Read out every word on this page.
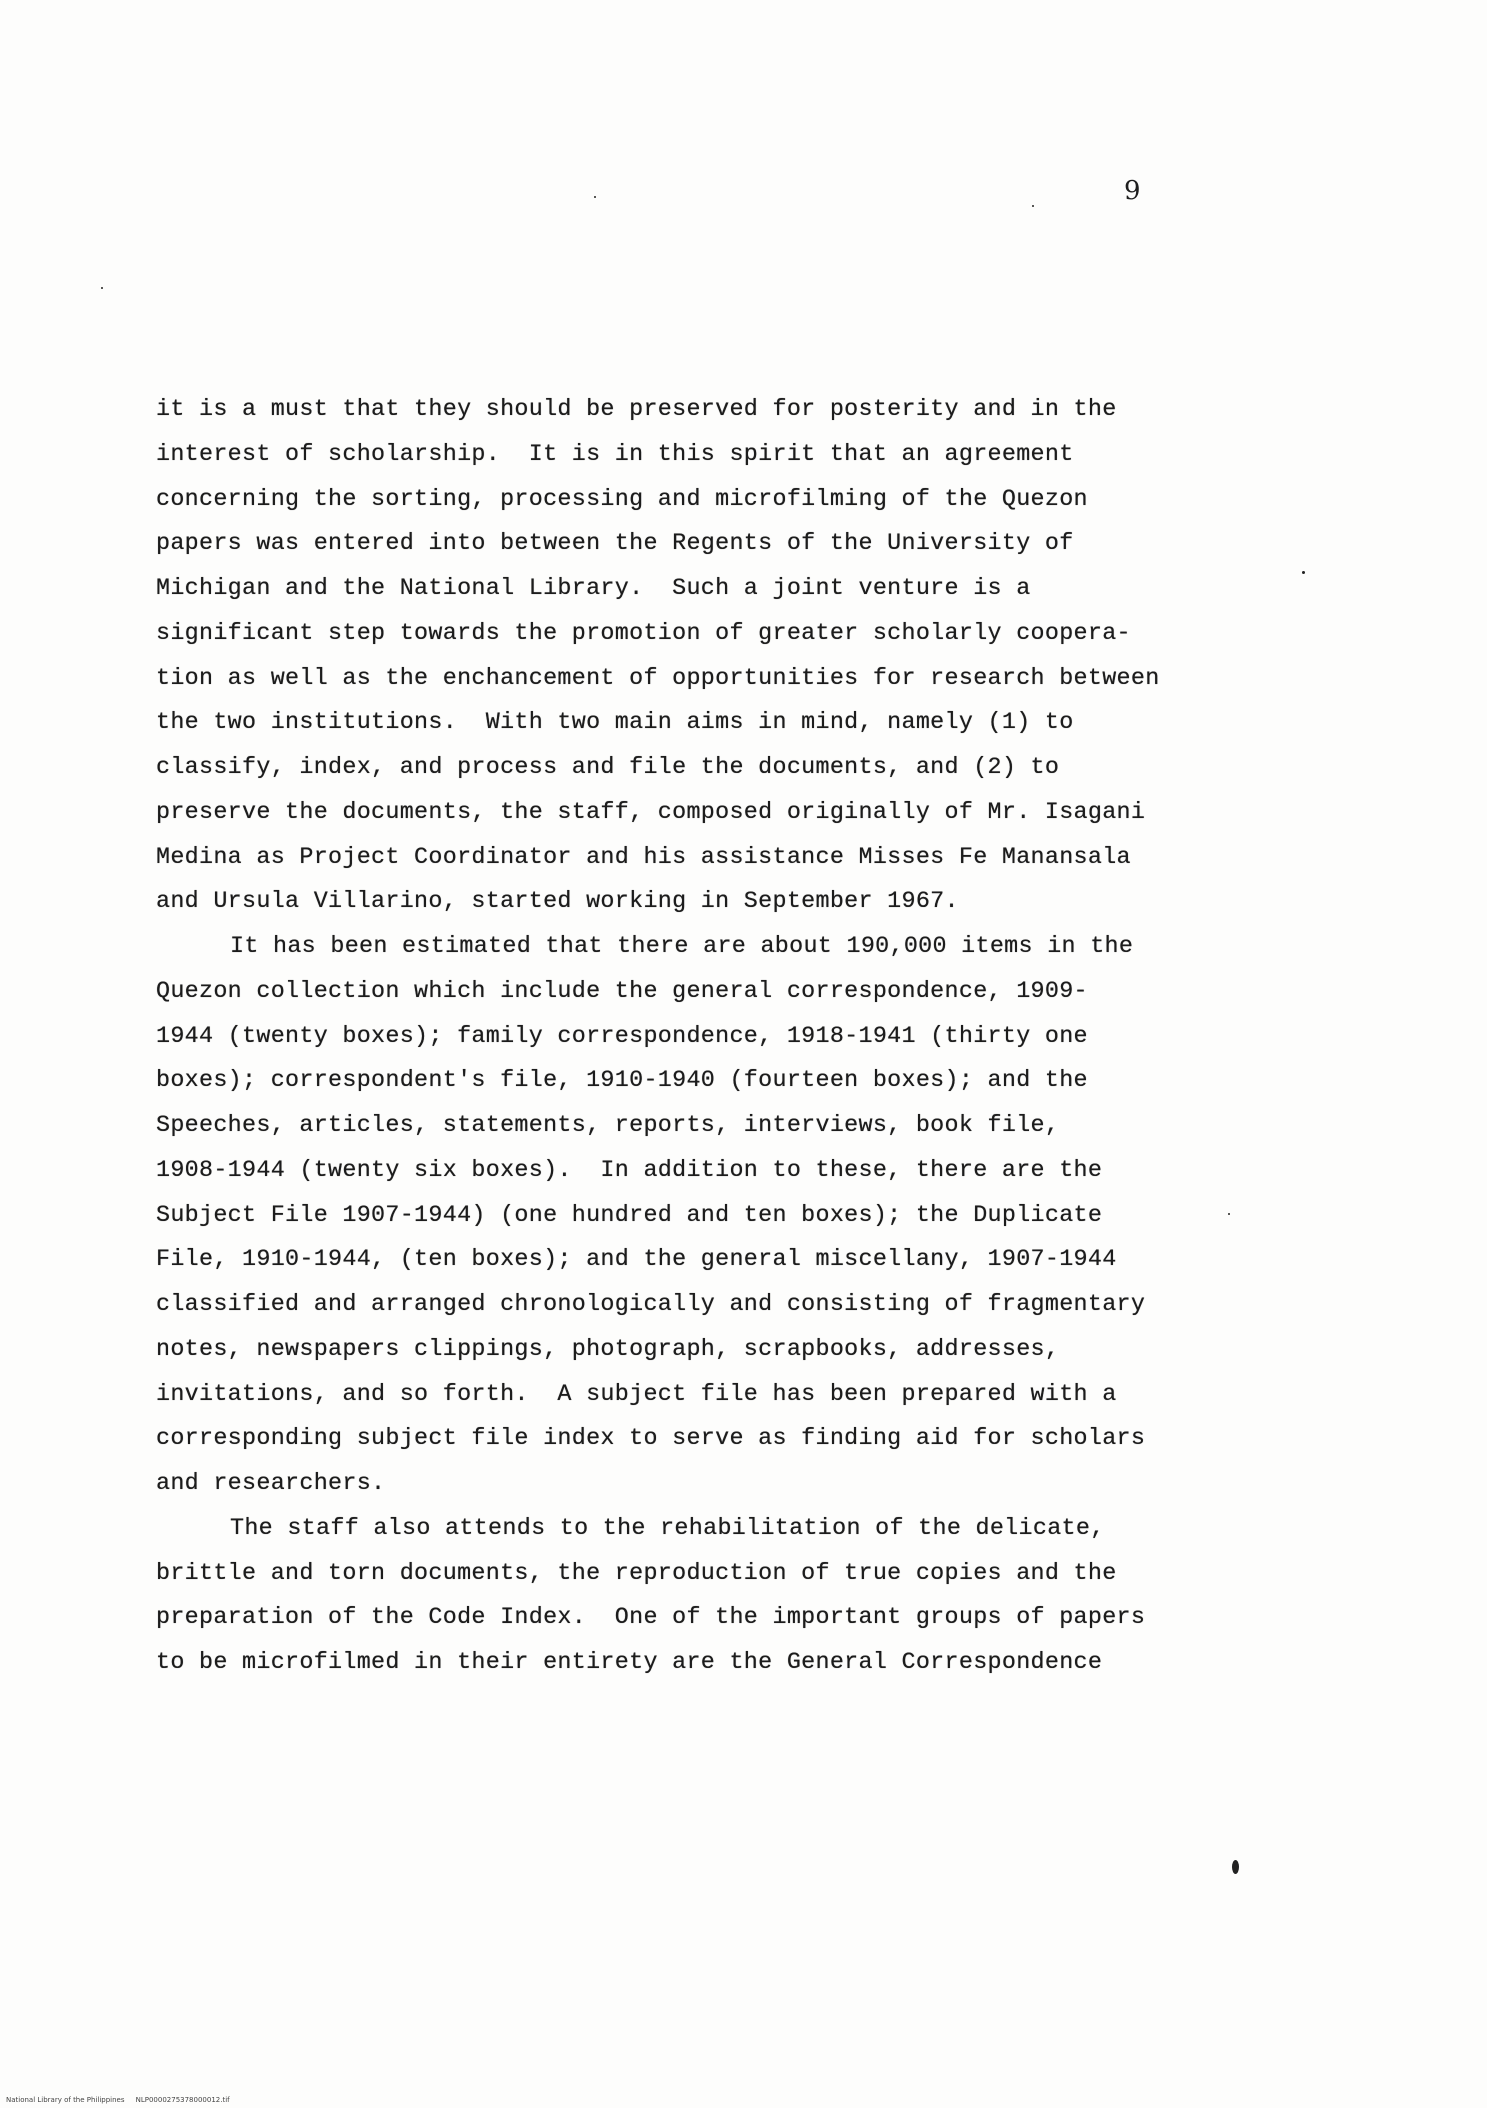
9
it is a must that they should be preserved for posterity and in the
interest of scholarship.  It is in this spirit that an agreement
concerning the sorting, processing and microfilming of the Quezon
papers was entered into between the Regents of the University of
Michigan and the National Library.  Such a joint venture is a
significant step towards the promotion of greater scholarly coopera-
tion as well as the enchancement of opportunities for research between
the two institutions.  With two main aims in mind, namely (1) to
classify, index, and process and file the documents, and (2) to
preserve the documents, the staff, composed originally of Mr. Isagani
Medina as Project Coordinator and his assistance Misses Fe Manansala
and Ursula Villarino, started working in September 1967.
It has been estimated that there are about 190,000 items in the
Quezon collection which include the general correspondence, 1909-
1944 (twenty boxes); family correspondence, 1918-1941 (thirty one
boxes); correspondent's file, 1910-1940 (fourteen boxes); and the
Speeches, articles, statements, reports, interviews, book file,
1908-1944 (twenty six boxes).  In addition to these, there are the
Subject File 1907-1944) (one hundred and ten boxes); the Duplicate
File, 1910-1944, (ten boxes); and the general miscellany, 1907-1944
classified and arranged chronologically and consisting of fragmentary
notes, newspapers clippings, photograph, scrapbooks, addresses,
invitations, and so forth.  A subject file has been prepared with a
corresponding subject file index to serve as finding aid for scholars
and researchers.
The staff also attends to the rehabilitation of the delicate,
brittle and torn documents, the reproduction of true copies and the
preparation of the Code Index.  One of the important groups of papers
to be microfilmed in their entirety are the General Correspondence
National Library of the Philippines     NLP0000275378000012.tif
